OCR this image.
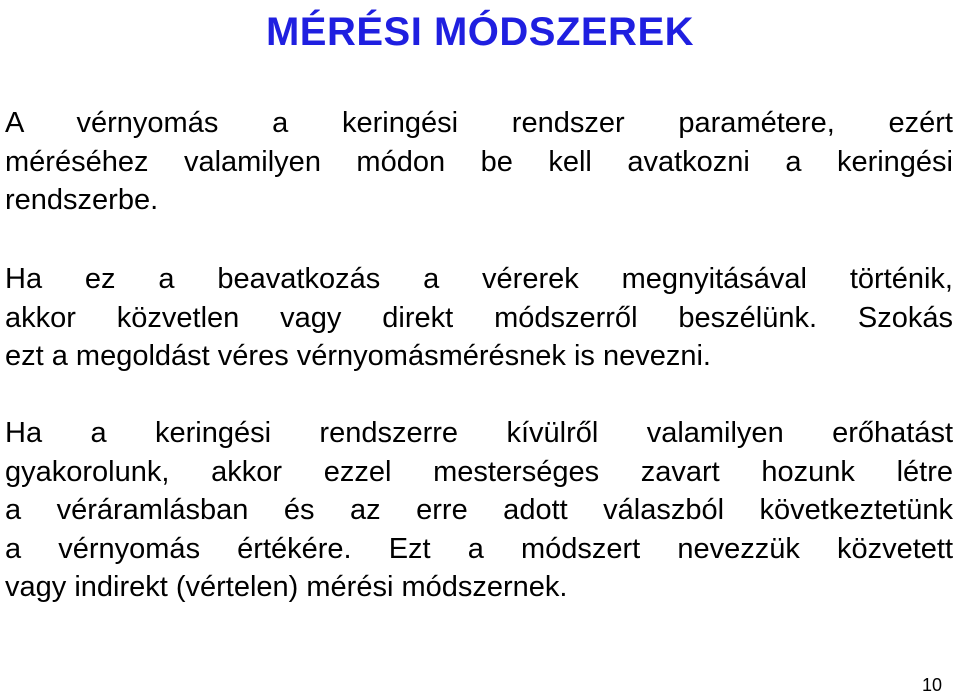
MÉRÉSI MÓDSZEREK
A vérnyomás a keringési rendszer paramétere, ezért
méréséhez valamilyen módon be kell avatkozni a keringési
rendszerbe.
Ha ez a beavatkozás a vérerek megnyitásával történik,
akkor közvetlen vagy direkt módszerről beszélünk. Szokás
ezt a megoldást véres vérnyomásmérésnek is nevezni.
Ha a keringési rendszerre kívülről valamilyen erőhatást
gyakorolunk, akkor ezzel mesterséges zavart hozunk létre
a véráramlásban és az erre adott válaszból következtetünk
a vérnyomás értékére. Ezt a módszert nevezzük közvetett
vagy indirekt (vértelen) mérési módszernek.
10
